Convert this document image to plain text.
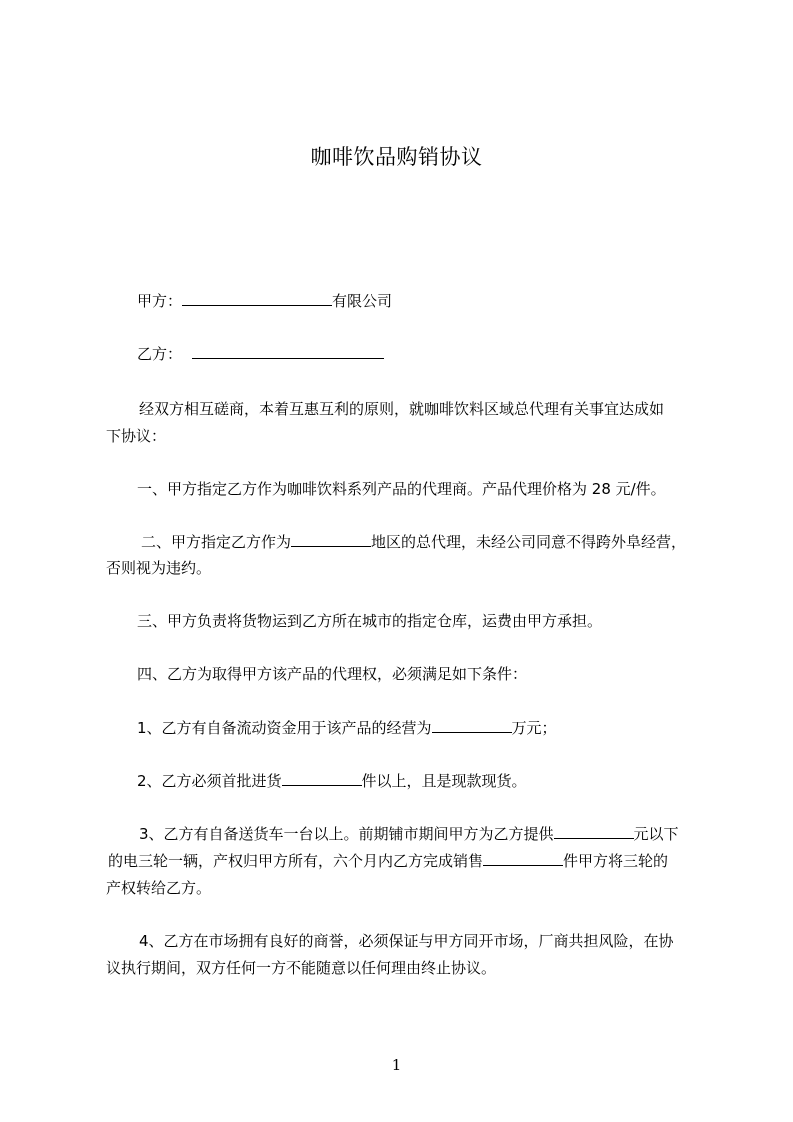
咖啡饮品购销协议
甲方：	有限公司
乙方：
经双方相互磋商，本着互惠互利的原则，就咖啡饮料区域总代理有关事宜达成如
下协议：
一、甲方指定乙方作为咖啡饮料系列产品的代理商。产品代理价格为 28 元/件。
二、甲方指定乙方作为	地区的总代理，未经公司同意不得跨外阜经营，
否则视为违约。
三、甲方负责将货物运到乙方所在城市的指定仓库，运费由甲方承担。
四、乙方为取得甲方该产品的代理权，必须满足如下条件：
1、乙方有自备流动资金用于该产品的经营为	万元；
2、乙方必须首批进货	件以上，且是现款现货。
3、乙方有自备送货车一台以上。前期铺市期间甲方为乙方提供	元以下
的电三轮一辆，产权归甲方所有，六个月内乙方完成销售	件甲方将三轮的
产权转给乙方。
4、乙方在市场拥有良好的商誉，必须保证与甲方同开市场，厂商共担风险，在协
议执行期间，双方任何一方不能随意以任何理由终止协议。
1
